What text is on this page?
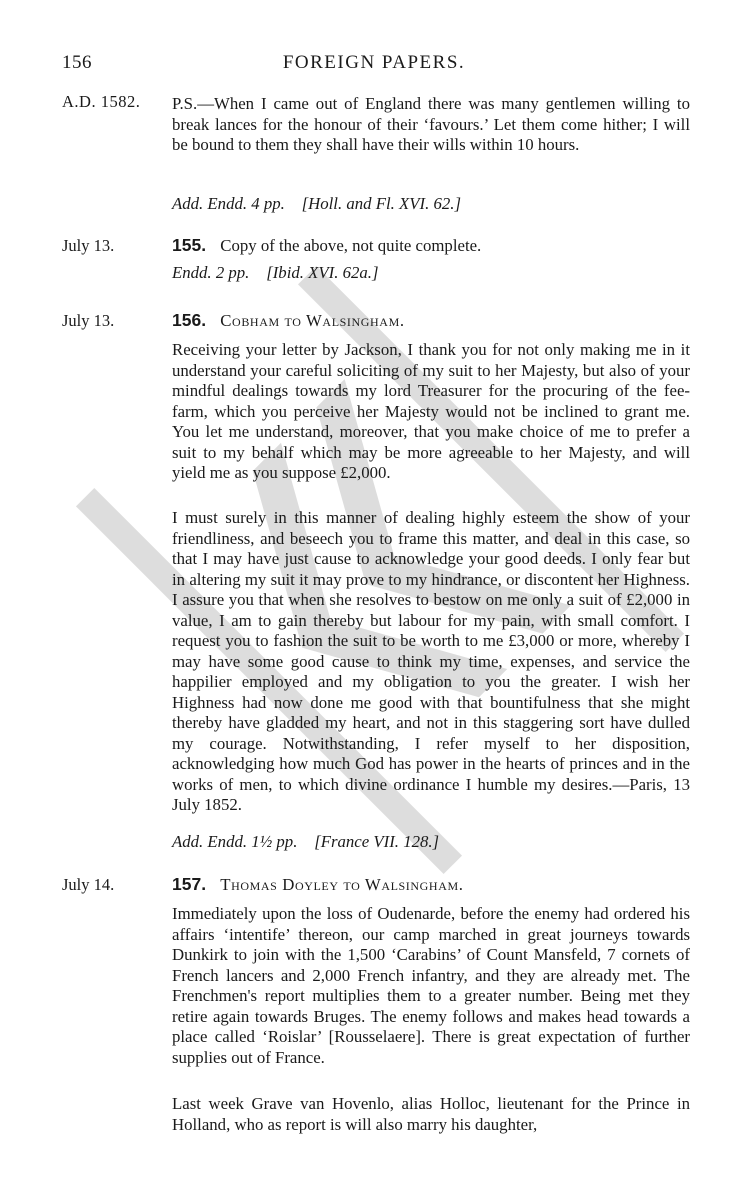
156	FOREIGN PAPERS.
A.D. 1582. P.S.—When I came out of England there was many gentlemen willing to break lances for the honour of their ‘favours.’ Let them come hither; I will be bound to them they shall have their wills within 10 hours.

Add. Endd. 4 pp. [Holl. and Fl. XVI. 62.]
July 13.	155. Copy of the above, not quite complete.
Endd. 2 pp. [Ibid. XVI. 62a.]
July 13.	156. Cobham to Walsingham.

Receiving your letter by Jackson, I thank you for not only making me in it understand your careful soliciting of my suit to her Majesty, but also of your mindful dealings towards my lord Treasurer for the procuring of the fee-farm, which you perceive her Majesty would not be inclined to grant me. You let me understand, moreover, that you make choice of me to prefer a suit to my behalf which may be more agreeable to her Majesty, and will yield me as you suppose £2,000.

I must surely in this manner of dealing highly esteem the show of your friendliness, and beseech you to frame this matter, and deal in this case, so that I may have just cause to acknowledge your good deeds. I only fear but in altering my suit it may prove to my hindrance, or discontent her Highness. I assure you that when she resolves to bestow on me only a suit of £2,000 in value, I am to gain thereby but labour for my pain, with small comfort. I request you to fashion the suit to be worth to me £3,000 or more, whereby I may have some good cause to think my time, expenses, and service the happilier employed and my obligation to you the greater. I wish her Highness had now done me good with that bountifulness that she might thereby have gladded my heart, and not in this staggering sort have dulled my courage. Notwithstanding, I refer myself to her disposition, acknowledging how much God has power in the hearts of princes and in the works of men, to which divine ordinance I humble my desires.—Paris, 13 July 1852.

Add. Endd. 1½ pp. [France VII. 128.]
July 14.	157. Thomas Doyley to Walsingham.

Immediately upon the loss of Oudenarde, before the enemy had ordered his affairs ‘intentife’ thereon, our camp marched in great journeys towards Dunkirk to join with the 1,500 ‘Carabins’ of Count Mansfeld, 7 cornets of French lancers and 2,000 French infantry, and they are already met. The Frenchmen's report multiplies them to a greater number. Being met they retire again towards Bruges. The enemy follows and makes head towards a place called ‘Roislar’ [Rousselaere]. There is great expectation of further supplies out of France.

Last week Grave van Hovenlo, alias Holloc, lieutenant for the Prince in Holland, who as report is will also marry his daughter,
